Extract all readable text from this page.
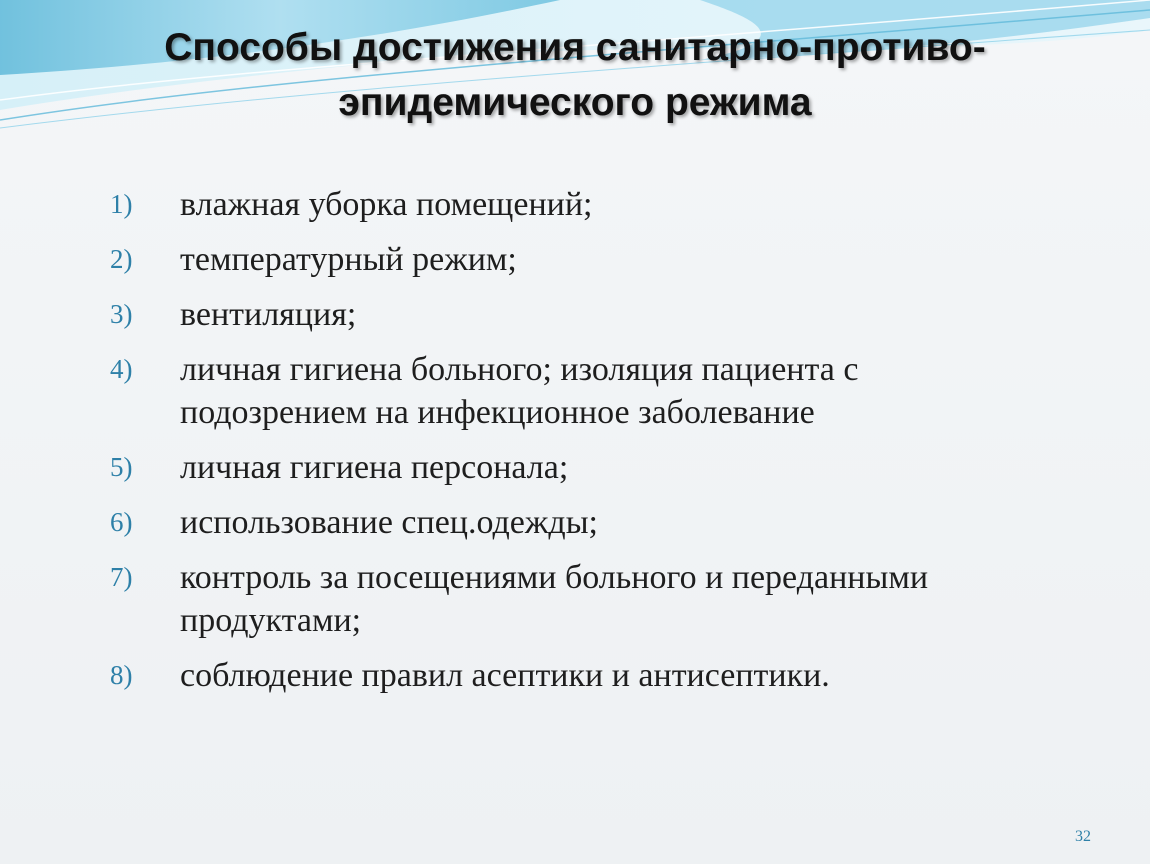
Способы достижения санитарно-противо-
эпидемического режима
1)	влажная уборка помещений;
2)	температурный режим;
3)	вентиляция;
4)	личная гигиена больного; изоляция пациента с подозрением на инфекционное заболевание
5)	личная гигиена персонала;
6)	использование спец.одежды;
7)	контроль за посещениями больного и переданными продуктами;
8)	соблюдение правил асептики и антисептики.
32
